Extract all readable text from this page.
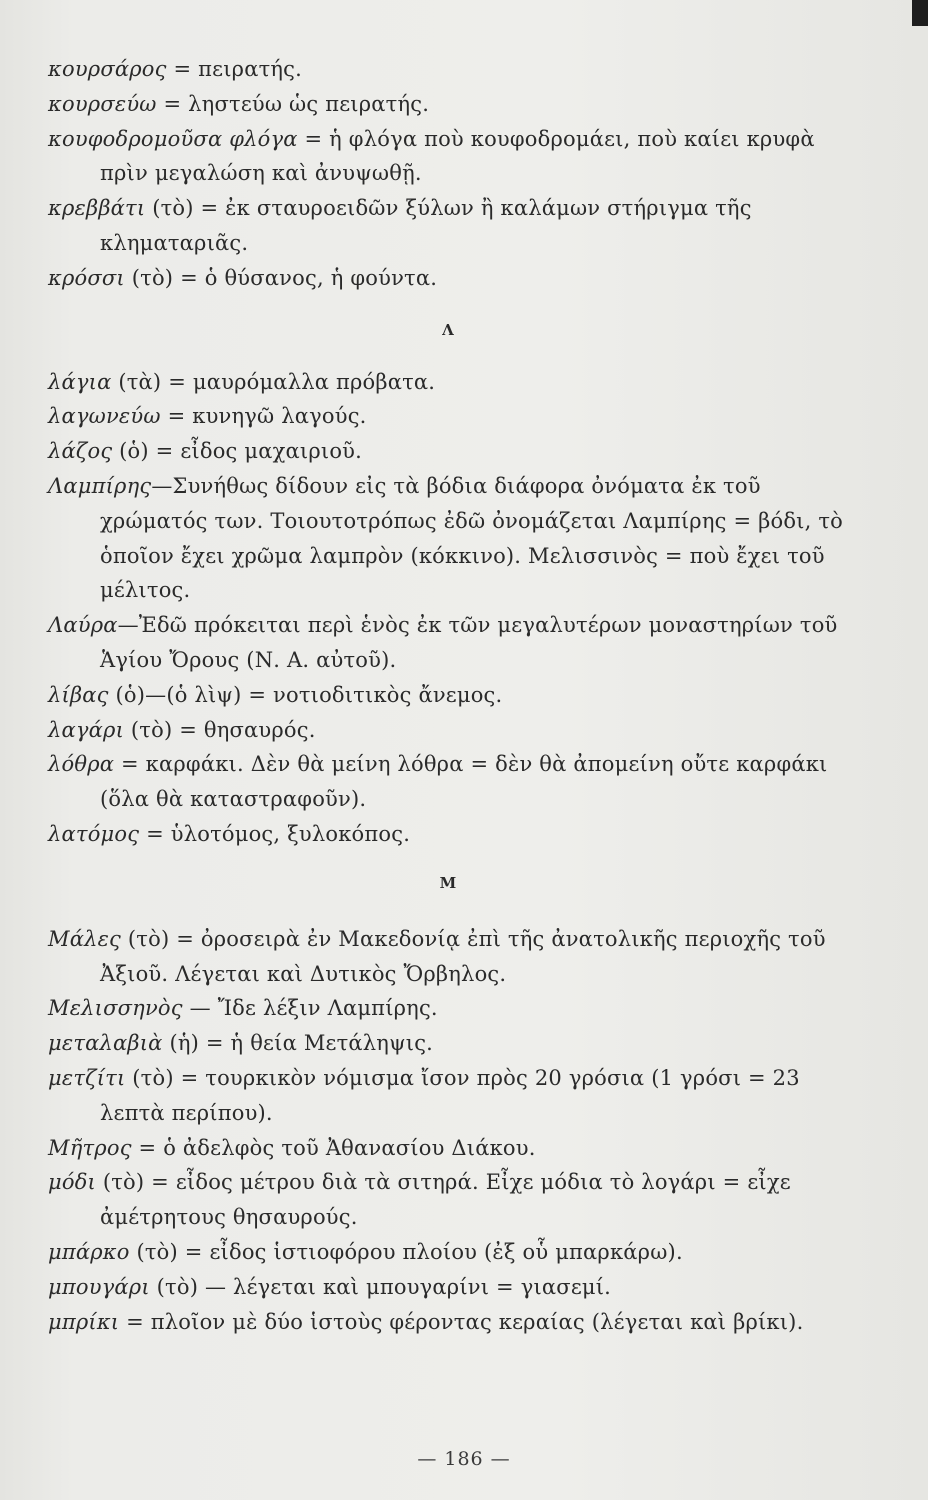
κουρσάρος = πειρατής.

κουρσεύω = ληστεύω ὡς πειρατής.

κουφοδρομοῦσα φλόγα = ἡ φλόγα ποὺ κουφοδρομάει, ποὺ καίει κρυφὰ πρὶν μεγαλώση καὶ ἀνυψωθῇ.

κρεββάτι (τὸ) = ἐκ σταυροειδῶν ξύλων ἢ καλάμων στήριγμα τῆς κληματαριᾶς.

κρόσσι (τὸ) = ὁ θύσανος, ἡ φούντα.

Λ

λάγια (τὰ) = μαυρόμαλλα πρόβατα.

λαγωνεύω = κυνηγῶ λαγούς.

λάζος (ὁ) = εἶδος μαχαιριοῦ.

Λαμπίρης—Συνήθως δίδουν εἰς τὰ βόδια διάφορα ὀνόματα ἐκ τοῦ χρώματός των. Τοιουτοτρόπως ἐδῶ ὀνομάζεται Λαμπίρης = βόδι, τὸ ὁποῖον ἔχει χρῶμα λαμπρὸν (κόκκινο). Μελισσινὸς = ποὺ ἔχει τοῦ μέλιτος.

Λαύρα—Ἐδῶ πρόκειται περὶ ἑνὸς ἐκ τῶν μεγαλυτέρων μοναστηρίων τοῦ Ἁγίου Ὄρους (Ν. Α. αὐτοῦ).

λίβας (ὁ)—(ὁ λὶψ) = νοτιοδιτικὸς ἄνεμος.

λαγάρι (τὸ) = θησαυρός.

λόθρα = καρφάκι. Δὲν θὰ μείνη λόθρα = δὲν θὰ ἀπομείνη οὔτε καρφάκι (ὅλα θὰ καταστραφοῦν).

λατόμος = ὑλοτόμος, ξυλοκόπος.

Μ

Μάλες (τὸ) = ὀροσειρὰ ἐν Μακεδονίᾳ ἐπὶ τῆς ἀνατολικῆς περιοχῆς τοῦ Ἀξιοῦ. Λέγεται καὶ Δυτικὸς Ὄρβηλος.

Μελισσηνὸς — Ἴδε λέξιν Λαμπίρης.

μεταλαβιὰ (ἡ) = ἡ θεία Μετάληψις.

μετζίτι (τὸ) = τουρκικὸν νόμισμα ἴσον πρὸς 20 γρόσια (1 γρόσι = 23 λεπτὰ περίπου).

Μῆτρος = ὁ ἀδελφὸς τοῦ Ἀθανασίου Διάκου.

μόδι (τὸ) = εἶδος μέτρου διὰ τὰ σιτηρά. Εἶχε μόδια τὸ λογάρι = εἶχε ἀμέτρητους θησαυρούς.

μπάρκο (τὸ) = εἶδος ἱστιοφόρου πλοίου (ἐξ οὗ μπαρκάρω).

μπουγάρι (τὸ) — λέγεται καὶ μπουγαρίνι = γιασεμί.

μπρίκι = πλοῖον μὲ δύο ἱστοὺς φέροντας κεραίας (λέγεται καὶ βρίκι).

— 186 —
